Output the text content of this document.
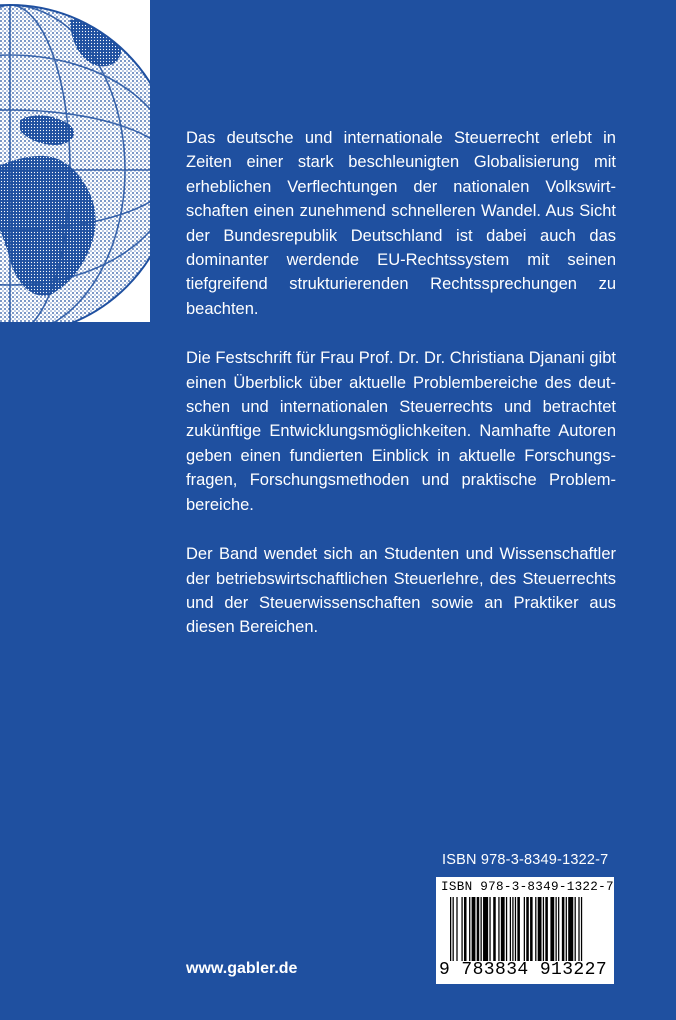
Das deutsche und internationale Steuerrecht erlebt in Zeiten einer stark beschleunigten Globalisierung mit erheblichen Verflechtungen der nationalen Volkswirtschaften einen zunehmend schnelleren Wandel. Aus Sicht der Bundesrepublik Deutschland ist dabei auch das dominanter werdende EU-Rechtssystem mit seinen tiefgreifend strukturierenden Rechtssprechungen zu beachten.

Die Festschrift für Frau Prof. Dr. Dr. Christiana Djanani gibt einen Überblick über aktuelle Problembereiche des deutschen und internationalen Steuerrechts und betrachtet zukünftige Entwicklungsmöglichkeiten. Namhafte Autoren geben einen fundierten Einblick in aktuelle Forschungsfragen, Forschungsmethoden und praktische Problembereiche.

Der Band wendet sich an Studenten und Wissenschaftler der betriebswirtschaftlichen Steuerlehre, des Steuerrechts und der Steuerwissenschaften sowie an Praktiker aus diesen Bereichen.

ISBN 978-3-8349-1322-7
ISBN 978-3-8349-1322-7
9 783834 913227
www.gabler.de
